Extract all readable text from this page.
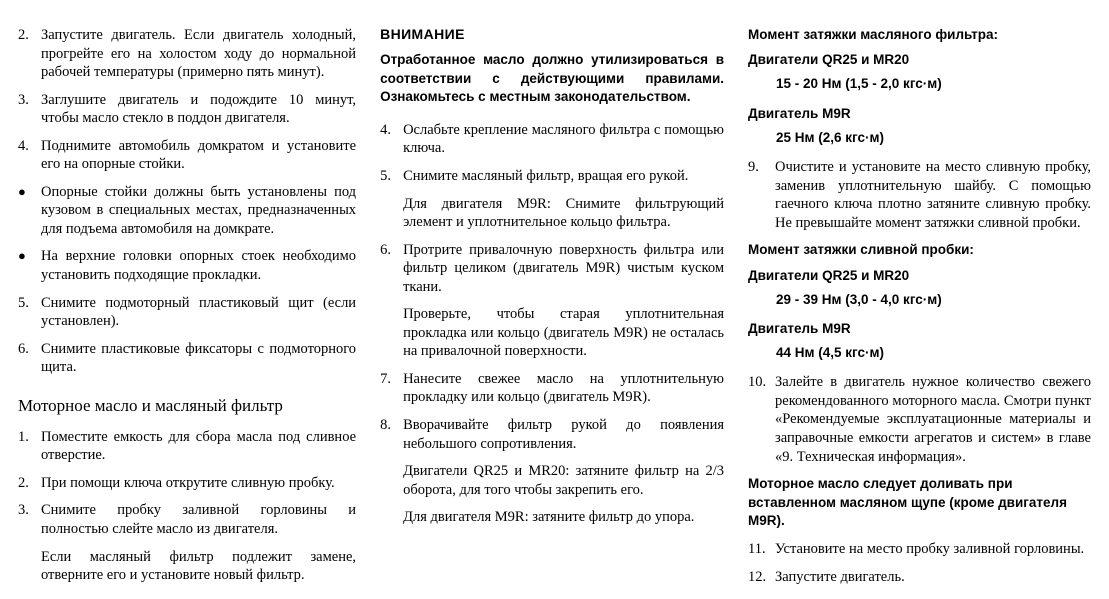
2. Запустите двигатель. Если двигатель холодный, прогрейте его на холостом ходу до нормальной рабочей температуры (примерно пять минут).
3. Заглушите двигатель и подождите 10 минут, чтобы масло стекло в поддон двигателя.
4. Поднимите автомобиль домкратом и установите его на опорные стойки.
●	Опорные стойки должны быть установлены под кузовом в специальных местах, предназначенных для подъема автомобиля на домкрате.
●	На верхние головки опорных стоек необходимо установить подходящие прокладки.
5. Снимите подмоторный пластиковый щит (если установлен).
6. Снимите пластиковые фиксаторы с подмоторного щита.
Моторное масло и масляный фильтр
1. Поместите емкость для сбора масла под сливное отверстие.
2. При помощи ключа открутите сливную пробку.
3. Снимите пробку заливной горловины и полностью слейте масло из двигателя.
Если масляный фильтр подлежит замене, отверните его и установите новый фильтр.
ВНИМАНИЕ
Отработанное масло должно утилизироваться в соответствии с действующими правилами. Ознакомьтесь с местным законодательством.
4. Ослабьте крепление масляного фильтра с помощью ключа.
5. Снимите масляный фильтр, вращая его рукой.
Для двигателя M9R: Снимите фильтрующий элемент и уплотнительное кольцо фильтра.
6. Протрите привалочную поверхность фильтра или фильтр целиком (двигатель M9R) чистым куском ткани.
Проверьте, чтобы старая уплотнительная прокладка или кольцо (двигатель M9R) не осталась на привалочной поверхности.
7. Нанесите свежее масло на уплотнительную прокладку или кольцо (двигатель M9R).
8. Вворачивайте фильтр рукой до появления небольшого сопротивления.
Двигатели QR25 и MR20: затяните фильтр на 2/3 оборота, для того чтобы закрепить его.
Для двигателя M9R: затяните фильтр до упора.
Момент затяжки масляного фильтра:
Двигатели QR25 и MR20
15 - 20 Нм (1,5 - 2,0 кгс·м)
Двигатель M9R
25 Нм (2,6 кгс·м)
9.	Очистите и установите на место сливную пробку, заменив уплотнительную шайбу. С помощью гаечного ключа плотно затяните сливную пробку. Не превышайте момент затяжки сливной пробки.
Момент затяжки сливной пробки:
Двигатели QR25 и MR20
29 - 39 Нм (3,0 - 4,0 кгс·м)
Двигатель M9R
44 Нм (4,5 кгс·м)
10. Залейте в двигатель нужное количество свежего рекомендованного моторного масла. Смотри пункт «Рекомендуемые эксплуатационные материалы и заправочные емкости агрегатов и систем» в главе «9. Техническая информация».
Моторное масло следует доливать при вставленном масляном щупе (кроме двигателя M9R).
11. Установите на место пробку заливной горловины.
12. Запустите двигатель.
